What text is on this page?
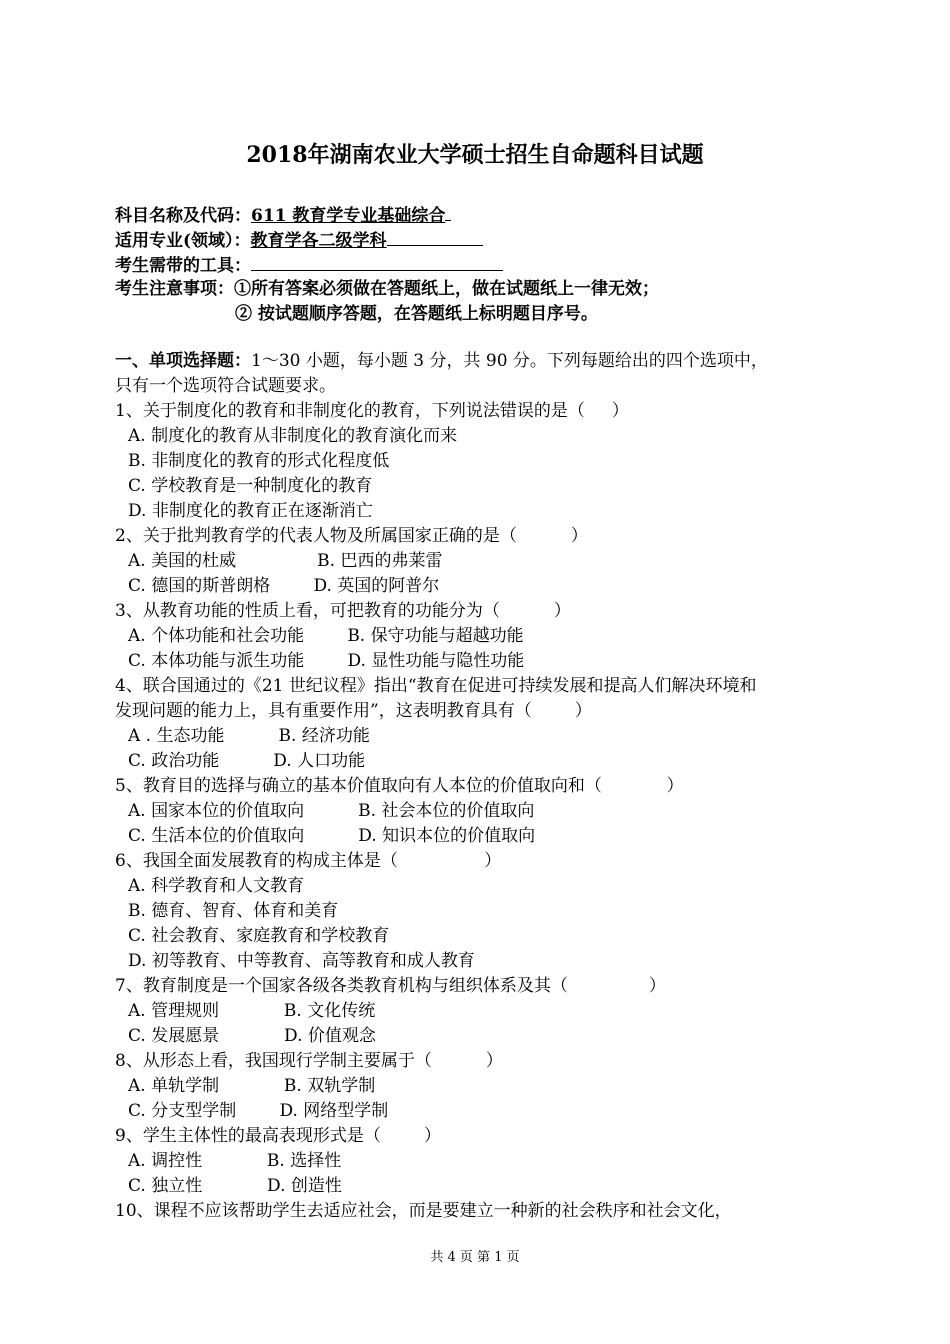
2018年湖南农业大学硕士招生自命题科目试题
科目名称及代码：611 教育学专业基础综合
适用专业(领域）：教育学各二级学科
考生需带的工具：
考生注意事项：①所有答案必须做在答题纸上，做在试题纸上一律无效；
② 按试题顺序答题，在答题纸上标明题目序号。
一、单项选择题：1～30 小题，每小题 3 分，共 90 分。下列每题给出的四个选项中，
只有一个选项符合试题要求。
1、关于制度化的教育和非制度化的教育，下列说法错误的是（     ）
A. 制度化的教育从非制度化的教育演化而来
B. 非制度化的教育的形式化程度低
C. 学校教育是一种制度化的教育
D. 非制度化的教育正在逐渐消亡
2、关于批判教育学的代表人物及所属国家正确的是（          ）
A. 美国的杜威               B. 巴西的弗莱雷
C. 德国的斯普朗格        D. 英国的阿普尔
3、从教育功能的性质上看，可把教育的功能分为（          ）
A. 个体功能和社会功能        B. 保守功能与超越功能
C. 本体功能与派生功能        D. 显性功能与隐性功能
4、联合国通过的《21 世纪议程》指出“教育在促进可持续发展和提高人们解决环境和
发现问题的能力上，具有重要作用”，这表明教育具有（        ）
A . 生态功能          B. 经济功能
C. 政治功能          D. 人口功能
5、教育目的选择与确立的基本价值取向有人本位的价值取向和（            ）
A. 国家本位的价值取向          B. 社会本位的价值取向
C. 生活本位的价值取向          D. 知识本位的价值取向
6、我国全面发展教育的构成主体是（                ）
A. 科学教育和人文教育
B. 德育、智育、体育和美育
C. 社会教育、家庭教育和学校教育
D. 初等教育、中等教育、高等教育和成人教育
7、教育制度是一个国家各级各类教育机构与组织体系及其（               ）
A. 管理规则            B. 文化传统
C. 发展愿景            D. 价值观念
8、从形态上看，我国现行学制主要属于（          ）
A. 单轨学制            B. 双轨学制
C. 分支型学制        D. 网络型学制
9、学生主体性的最高表现形式是（        ）
A. 调控性            B. 选择性
C. 独立性            D. 创造性
10、课程不应该帮助学生去适应社会，而是要建立一种新的社会秩序和社会文化，
共 4 页 第 1 页
